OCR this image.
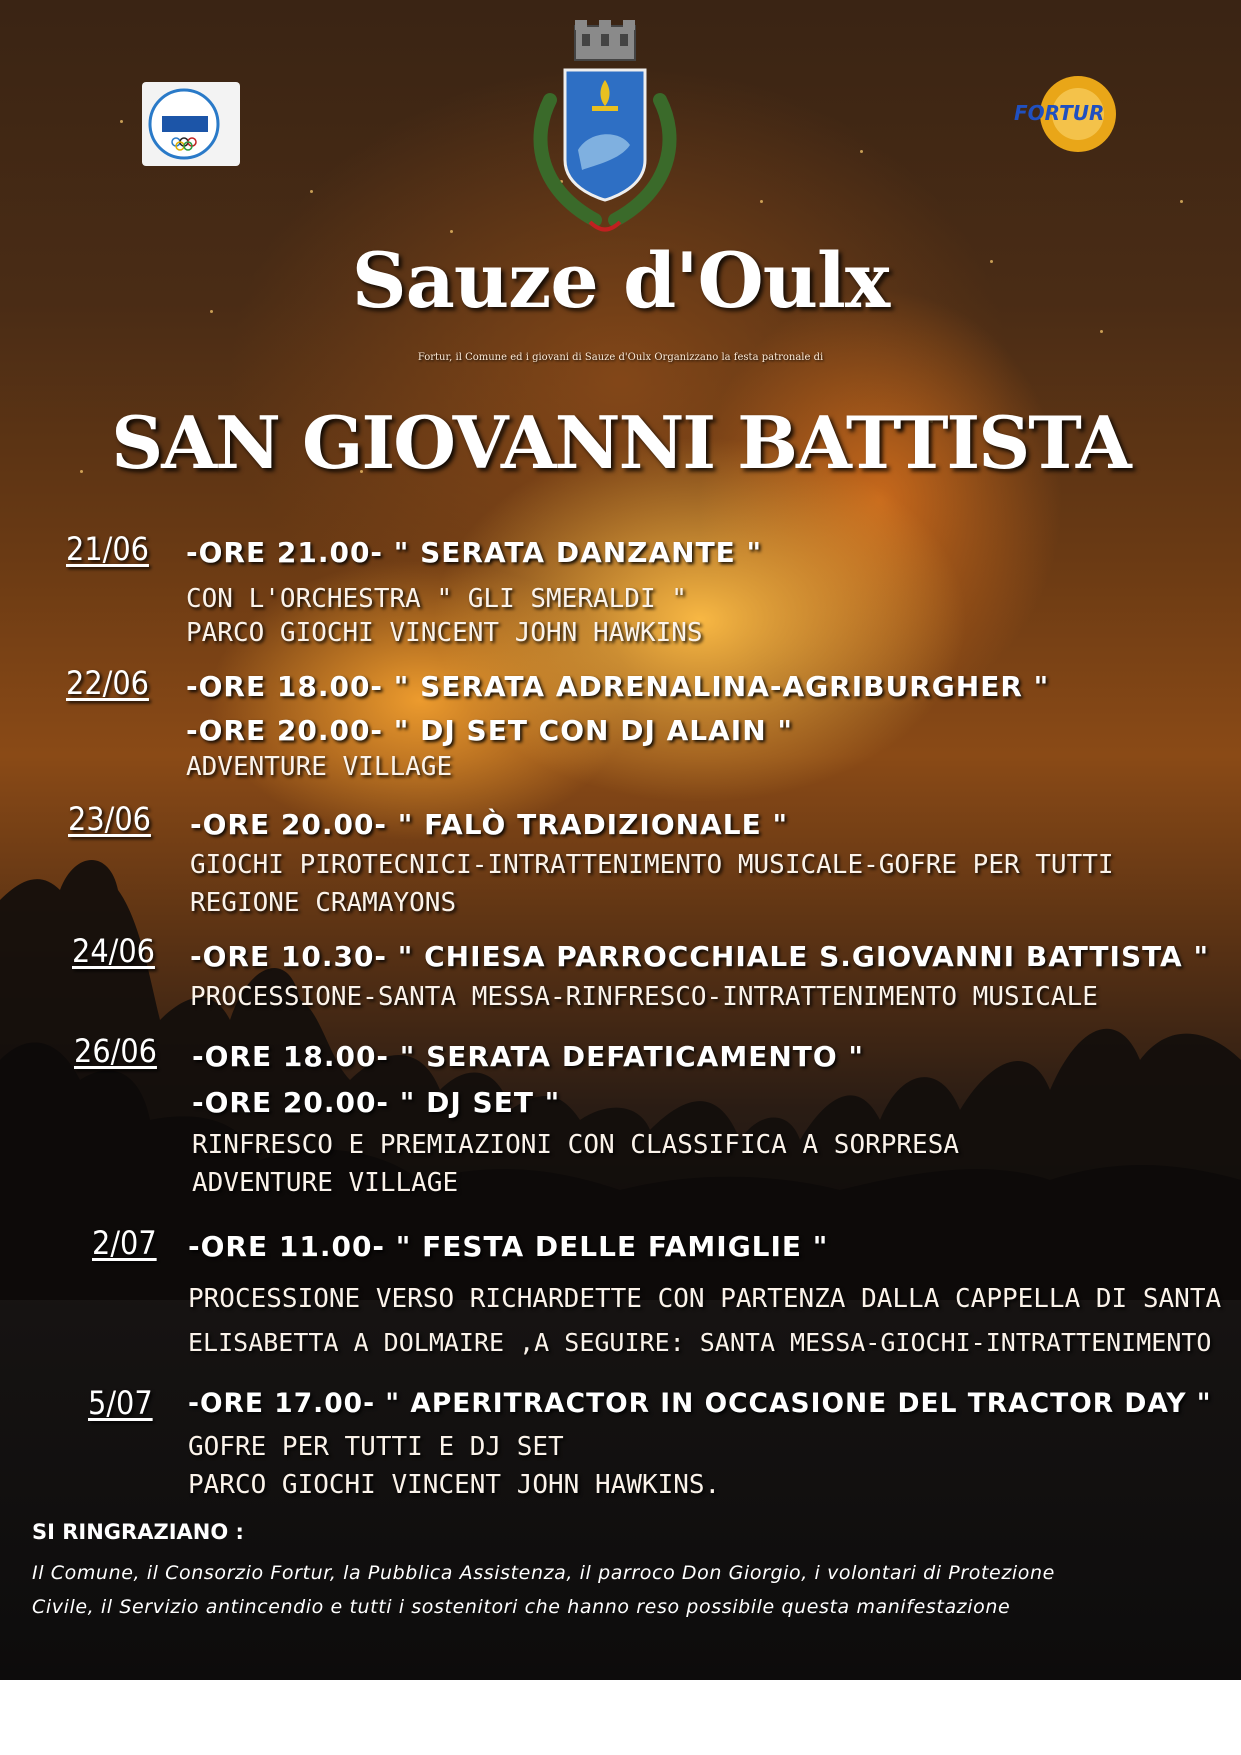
FORTUR
Sauze d'Oulx
Fortur, il Comune ed i giovani di Sauze d'Oulx Organizzano la festa patronale di
SAN GIOVANNI BATTISTA
21/06 -ORE 21.00- " SERATA DANZANTE "
CON L'ORCHESTRA " GLI SMERALDI "
PARCO GIOCHI VINCENT JOHN HAWKINS
22/06 -ORE 18.00- " SERATA ADRENALINA-AGRIBURGHER "
-ORE 20.00- " DJ SET CON DJ ALAIN "
ADVENTURE VILLAGE
23/06 -ORE 20.00- " FALÒ TRADIZIONALE "
GIOCHI PIROTECNICI-INTRATTENIMENTO MUSICALE-GOFRE PER TUTTI
REGIONE CRAMAYONS
24/06 -ORE 10.30- " CHIESA PARROCCHIALE S.GIOVANNI BATTISTA "
PROCESSIONE-SANTA MESSA-RINFRESCO-INTRATTENIMENTO MUSICALE
26/06 -ORE 18.00- " SERATA DEFATICAMENTO "
-ORE 20.00- " DJ SET "
RINFRESCO E PREMIAZIONI CON CLASSIFICA A SORPRESA
ADVENTURE VILLAGE
2/07 -ORE 11.00- " FESTA DELLE FAMIGLIE "
PROCESSIONE VERSO RICHARDETTE CON PARTENZA DALLA CAPPELLA DI SANTA
ELISABETTA A DOLMAIRE ,A SEGUIRE: SANTA MESSA-GIOCHI-INTRATTENIMENTO
5/07 -ORE 17.00- " APERITRACTOR IN OCCASIONE DEL TRACTOR DAY "
GOFRE PER TUTTI E DJ SET
PARCO GIOCHI VINCENT JOHN HAWKINS.
SI RINGRAZIANO :
Il Comune, il Consorzio Fortur, la Pubblica Assistenza, il parroco Don Giorgio, i volontari di Protezione Civile, il Servizio antincendio e tutti i sostenitori che hanno reso possibile questa manifestazione
